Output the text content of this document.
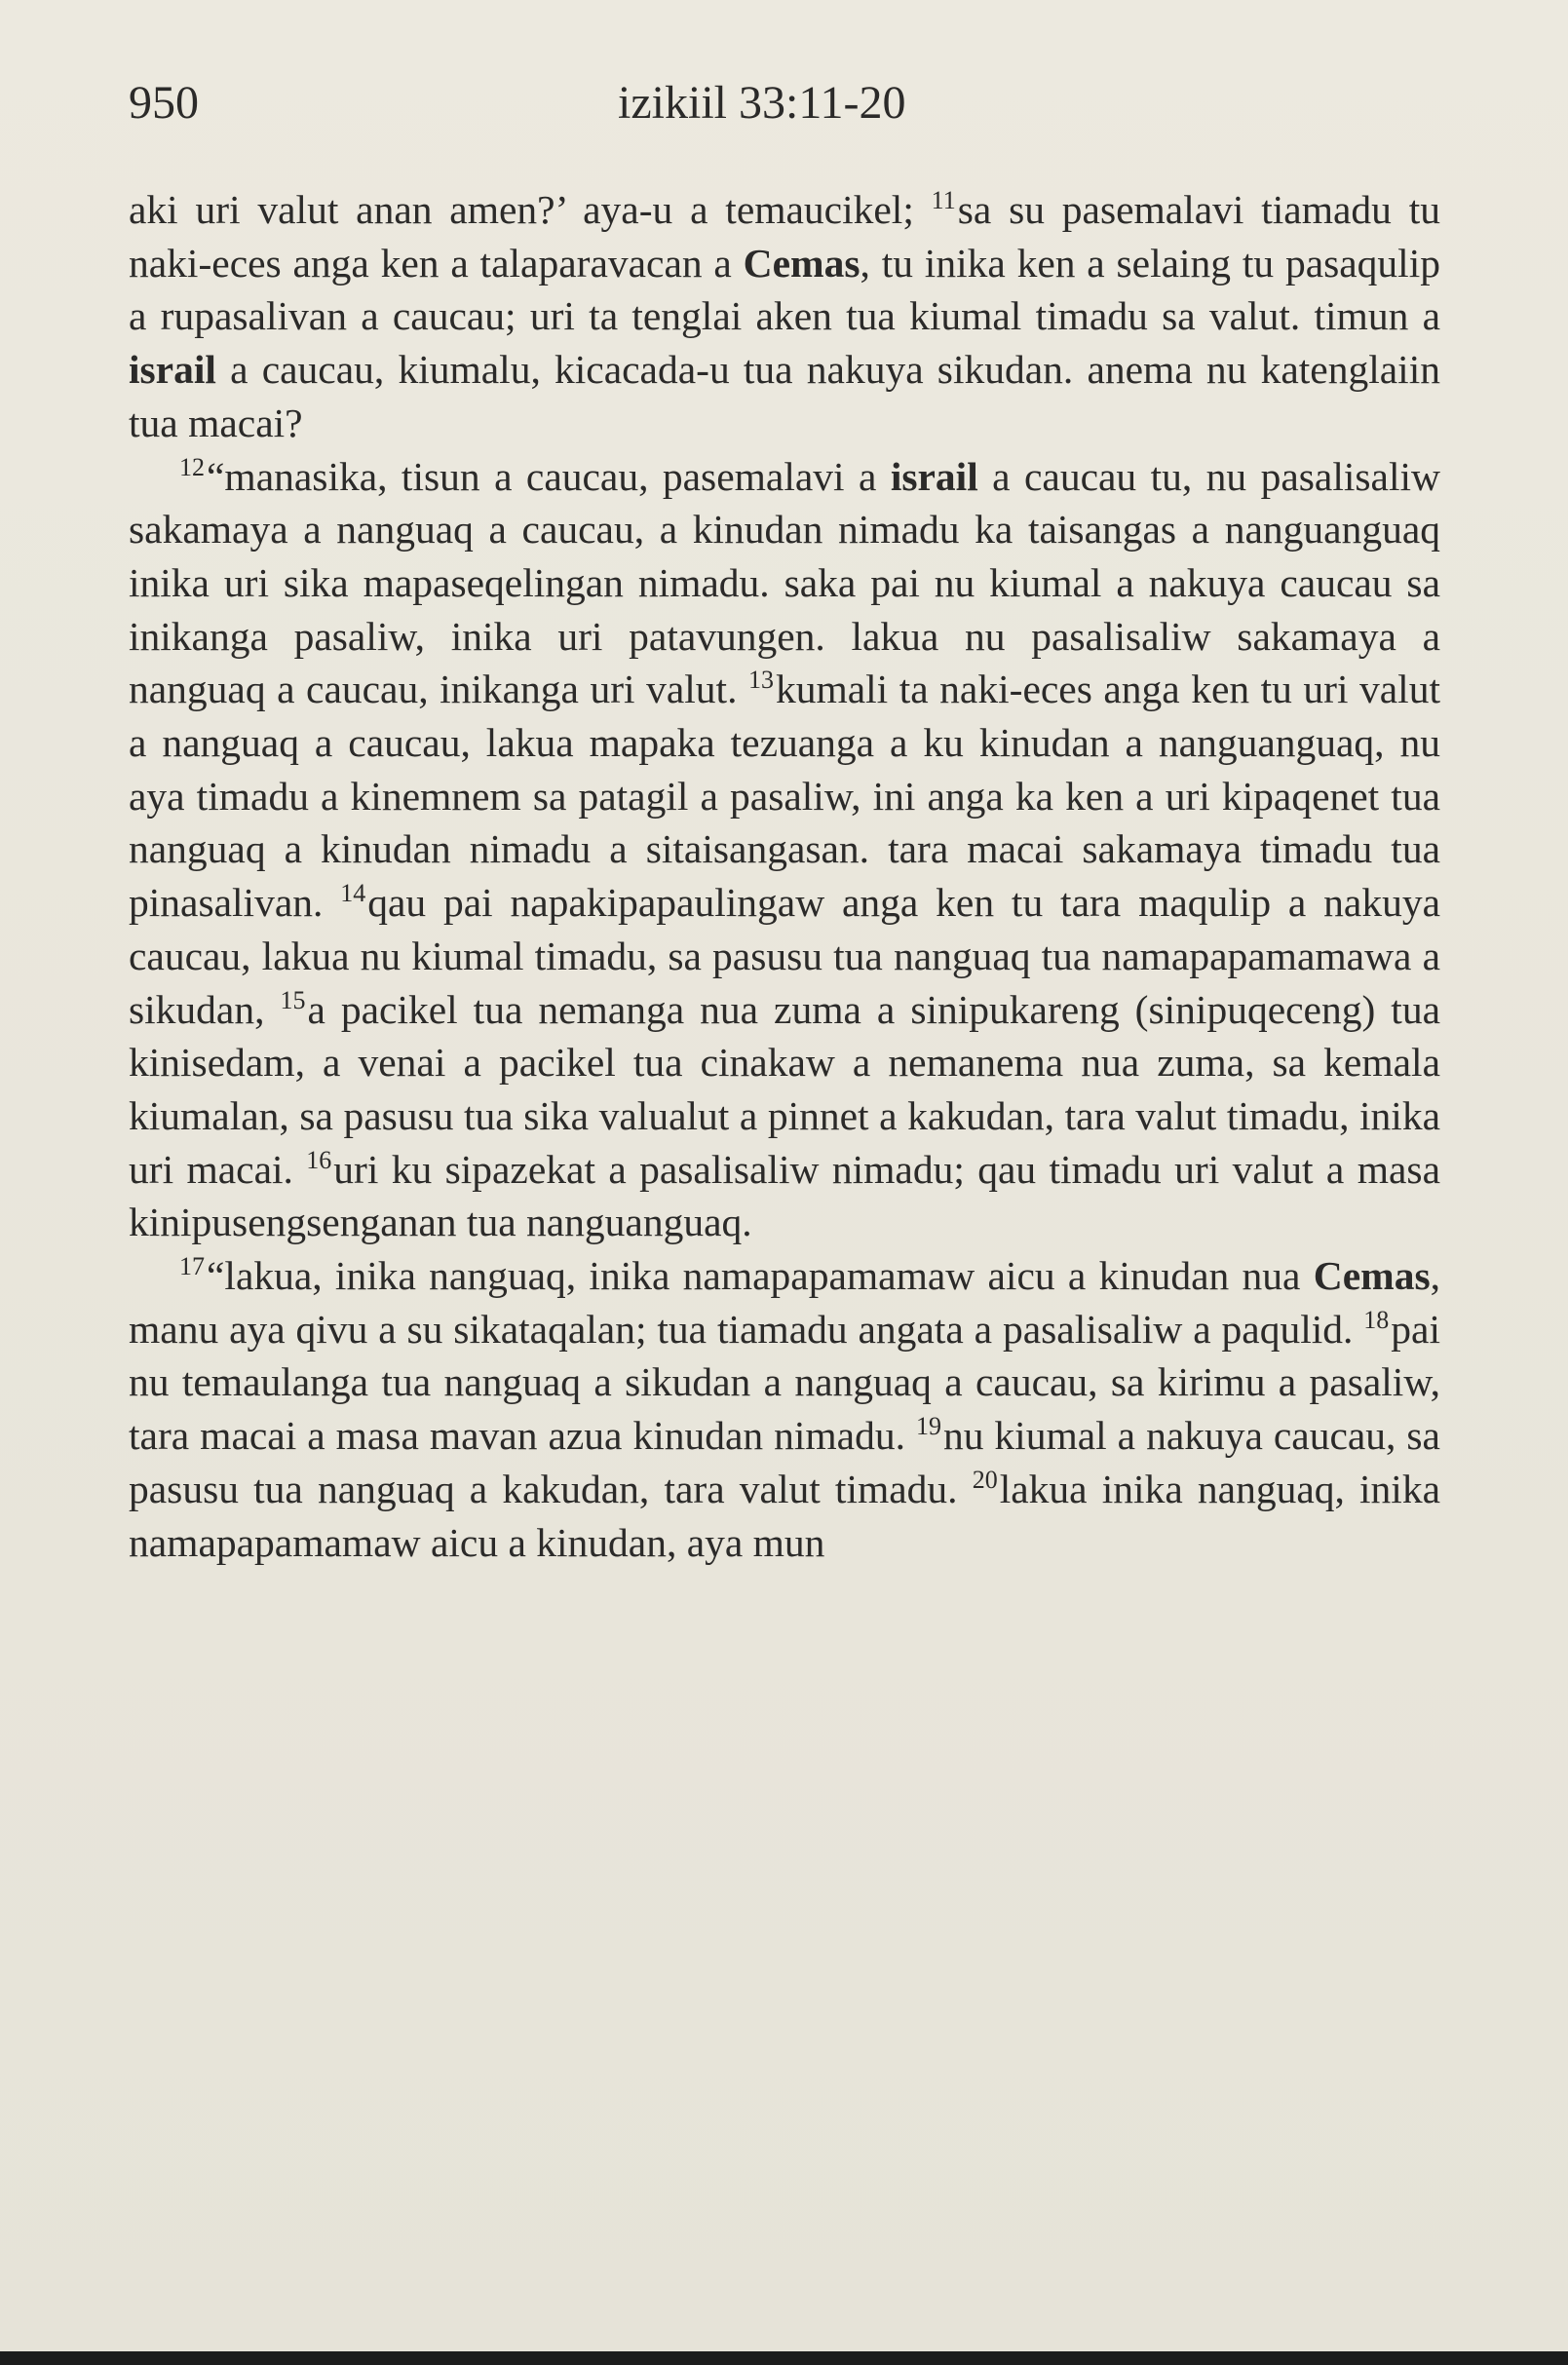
950	izikiil 33:11-20

aki uri valut anan amen?’ aya-u a temaucikel; $^{11}$sa su pasemalavi tiamadu tu naki-eces anga ken a talaparavacan a Cemas, tu inika ken a selaing tu pasaqulip a rupasalivan a caucau; uri ta tenglai aken tua kiumal timadu sa valut. timun a israil a caucau, kiumalu, kicacada-u tua nakuya sikudan. anema nu katenglaiin tua macai?

$^{12}$“manasika, tisun a caucau, pasemalavi a israil a caucau tu, nu pasalisaliw sakamaya a nanguaq a caucau, a kinudan nimadu ka taisangas a nanguanguaq inika uri sika mapaseqelingan nimadu. saka pai nu kiumal a nakuya caucau sa inikanga pasaliw, inika uri patavungen. lakua nu pasalisaliw sakamaya a nanguaq a caucau, inikanga uri valut. $^{13}$kumali ta naki-eces anga ken tu uri valut a nanguaq a caucau, lakua mapaka tezuanga a ku kinudan a nanguanguaq, nu aya timadu a kinemnem sa patagil a pasaliw, ini anga ka ken a uri kipaqenet tua nanguaq a kinudan nimadu a sitaisangasan. tara macai sakamaya timadu tua pinasalivan. $^{14}$qau pai napakipapaulingaw anga ken tu tara maqulip a nakuya caucau, lakua nu kiumal timadu, sa pasusu tua nanguaq tua namapapamamawa a sikudan, $^{15}$a pacikel tua nemanga nua zuma a sinipukareng (sinipuqeceng) tua kinisedam, a venai a pacikel tua cinakaw a nemanema nua zuma, sa kemala kiumalan, sa pasusu tua sika valualut a pinnet a kakudan, tara valut timadu, inika uri macai. $^{16}$uri ku sipazekat a pasalisaliw nimadu; qau timadu uri valut a masa kinipusengsenganan tua nanguanguaq.

$^{17}$“lakua, inika nanguaq, inika namapapamamaw aicu a kinudan nua Cemas, manu aya qivu a su sikataqalan; tua tiamadu angata a pasalisaliw a paqulid. $^{18}$pai nu temaulanga tua nanguaq a sikudan a nanguaq a caucau, sa kirimu a pasaliw, tara macai a masa mavan azua kinudan nimadu. $^{19}$nu kiumal a nakuya caucau, sa pasusu tua nanguaq a kakudan, tara valut timadu. $^{20}$lakua inika nanguaq, inika namapapamamaw aicu a kinudan, aya mun
